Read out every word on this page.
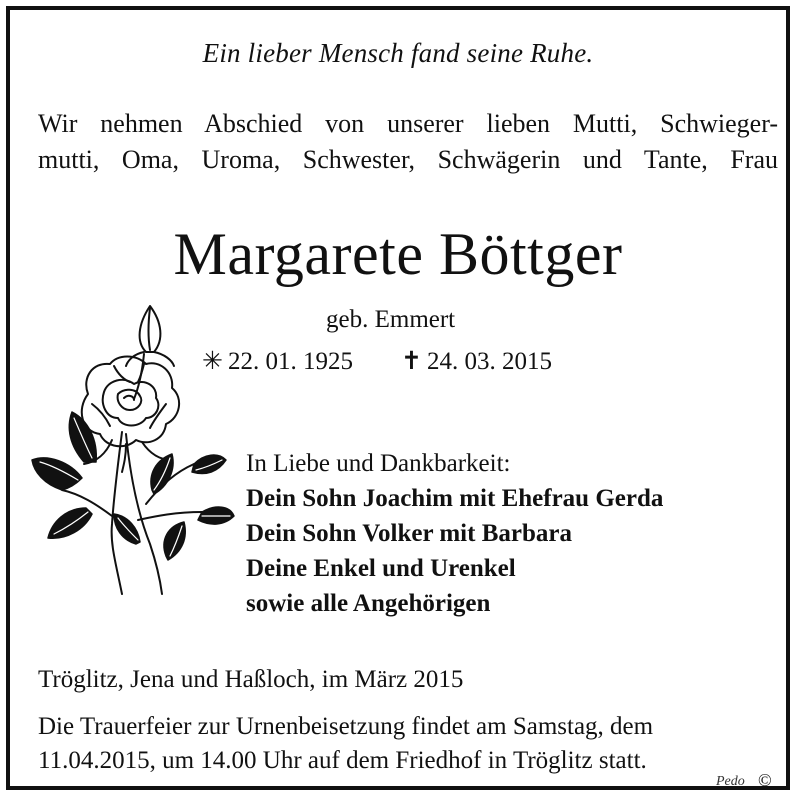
Ein lieber Mensch fand seine Ruhe.
Wir nehmen Abschied von unserer lieben Mutti, Schwieger-
mutti, Oma, Uroma, Schwester, Schwägerin und Tante, Frau
Margarete Böttger
geb. Emmert
✳ 22. 01. 1925 ✝ 24. 03. 2015
In Liebe und Dankbarkeit:
Dein Sohn Joachim mit Ehefrau Gerda
Dein Sohn Volker mit Barbara
Deine Enkel und Urenkel
sowie alle Angehörigen
Tröglitz, Jena und Haßloch, im März 2015
Die Trauerfeier zur Urnenbeisetzung findet am Samstag, dem
11.04.2015, um 14.00 Uhr auf dem Friedhof in Tröglitz statt.
Pedo ©
